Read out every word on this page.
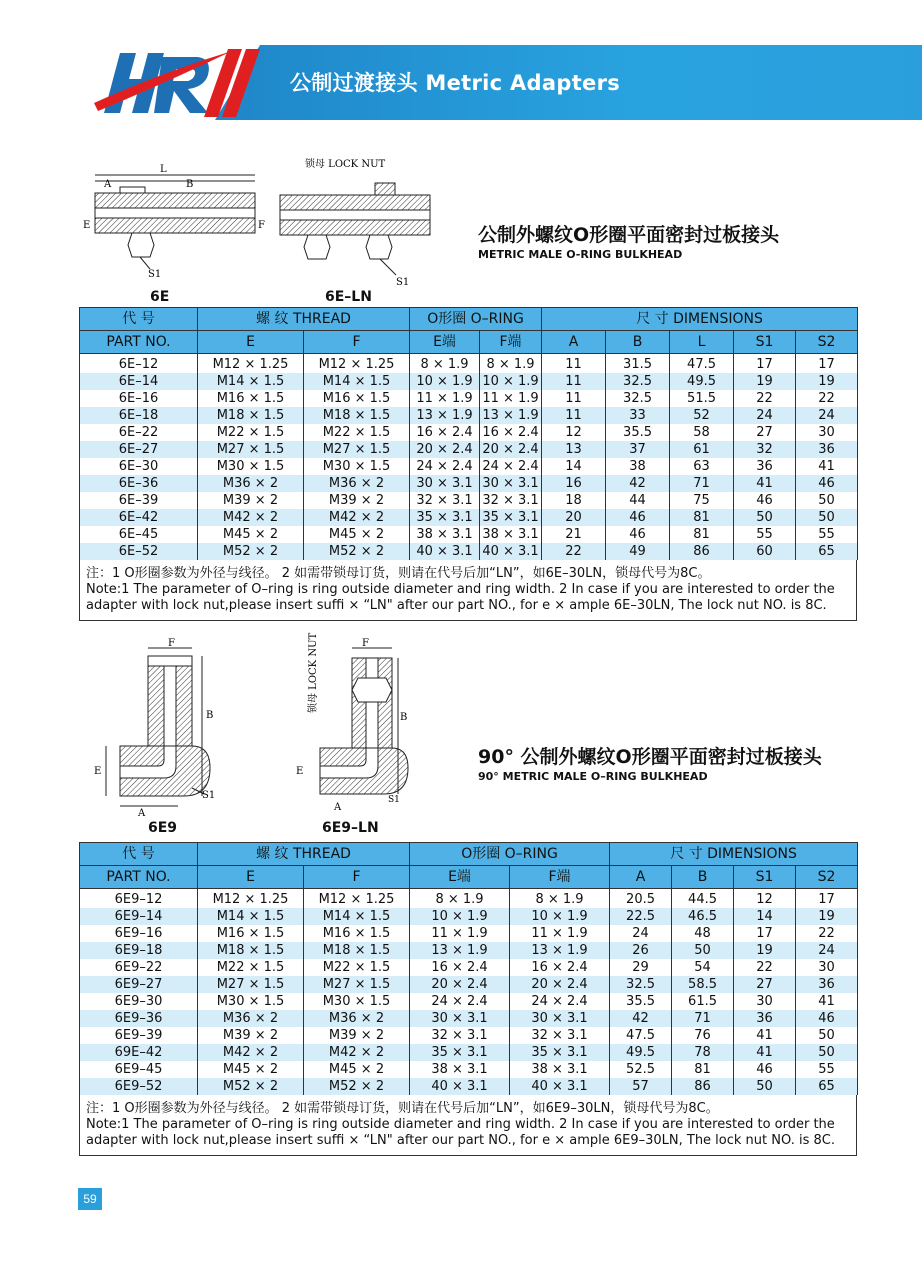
公制过渡接头 Metric Adapters
L
A	B
E	F
S1
6E
锁母 LOCK NUT
S1
6E–LN
公制外螺纹O形圈平面密封过板接头
METRIC MALE O-RING BULKHEAD
代 号	螺 纹 THREAD		O形圈 O–RING		尺 寸 DIMENSIONS				
PART NO.	E	F	E端	F端	A	B	L	S1	S2
6E–12	M12 × 1.25	M12 × 1.25	8 × 1.9	8 × 1.9	11	31.5	47.5	17	17
6E–14	M14 × 1.5	M14 × 1.5	10 × 1.9	10 × 1.9	11	32.5	49.5	19	19
6E–16	M16 × 1.5	M16 × 1.5	11 × 1.9	11 × 1.9	11	32.5	51.5	22	22
6E–18	M18 × 1.5	M18 × 1.5	13 × 1.9	13 × 1.9	11	33	52	24	24
6E–22	M22 × 1.5	M22 × 1.5	16 × 2.4	16 × 2.4	12	35.5	58	27	30
6E–27	M27 × 1.5	M27 × 1.5	20 × 2.4	20 × 2.4	13	37	61	32	36
6E–30	M30 × 1.5	M30 × 1.5	24 × 2.4	24 × 2.4	14	38	63	36	41
6E–36	M36 × 2	M36 × 2	30 × 3.1	30 × 3.1	16	42	71	41	46
6E–39	M39 × 2	M39 × 2	32 × 3.1	32 × 3.1	18	44	75	46	50
6E–42	M42 × 2	M42 × 2	35 × 3.1	35 × 3.1	20	46	81	50	50
6E–45	M45 × 2	M45 × 2	38 × 3.1	38 × 3.1	21	46	81	55	55
6E–52	M52 × 2	M52 × 2	40 × 3.1	40 × 3.1	22	49	86	60	65
注：1 O形圈参数为外径与线径。 2 如需带锁母订货，则请在代号后加“LN”，如6E–30LN，锁母代号为8C。
Note:1 The parameter of O–ring is ring outside diameter and ring width. 2 In case if you are interested to order the
adapter with lock nut,please insert suffi × “LN" after our part NO., for e × ample 6E–30LN, The lock nut NO. is 8C.
F
B
E
A
S1
6E9
锁母 LOCK NUT	F
B
E
A
S1
6E9–LN
90° 公制外螺纹O形圈平面密封过板接头
90° METRIC MALE O–RING BULKHEAD
代 号	螺 纹 THREAD		O形圈 O–RING		尺 寸 DIMENSIONS			
PART NO.	E	F	E端	F端	A	B	S1	S2
6E9–12	M12 × 1.25	M12 × 1.25	8 × 1.9	8 × 1.9	20.5	44.5	12	17
6E9–14	M14 × 1.5	M14 × 1.5	10 × 1.9	10 × 1.9	22.5	46.5	14	19
6E9–16	M16 × 1.5	M16 × 1.5	11 × 1.9	11 × 1.9	24	48	17	22
6E9–18	M18 × 1.5	M18 × 1.5	13 × 1.9	13 × 1.9	26	50	19	24
6E9–22	M22 × 1.5	M22 × 1.5	16 × 2.4	16 × 2.4	29	54	22	30
6E9–27	M27 × 1.5	M27 × 1.5	20 × 2.4	20 × 2.4	32.5	58.5	27	36
6E9–30	M30 × 1.5	M30 × 1.5	24 × 2.4	24 × 2.4	35.5	61.5	30	41
6E9–36	M36 × 2	M36 × 2	30 × 3.1	30 × 3.1	42	71	36	46
6E9–39	M39 × 2	M39 × 2	32 × 3.1	32 × 3.1	47.5	76	41	50
69E–42	M42 × 2	M42 × 2	35 × 3.1	35 × 3.1	49.5	78	41	50
6E9–45	M45 × 2	M45 × 2	38 × 3.1	38 × 3.1	52.5	81	46	55
6E9–52	M52 × 2	M52 × 2	40 × 3.1	40 × 3.1	57	86	50	65
注：1 O形圈参数为外径与线径。 2 如需带锁母订货，则请在代号后加“LN”，如6E9–30LN，锁母代号为8C。
Note:1 The parameter of O–ring is ring outside diameter and ring width. 2 In case if you are interested to order the
adapter with lock nut,please insert suffi × “LN" after our part NO., for e × ample 6E9–30LN, The lock nut NO. is 8C.
59
